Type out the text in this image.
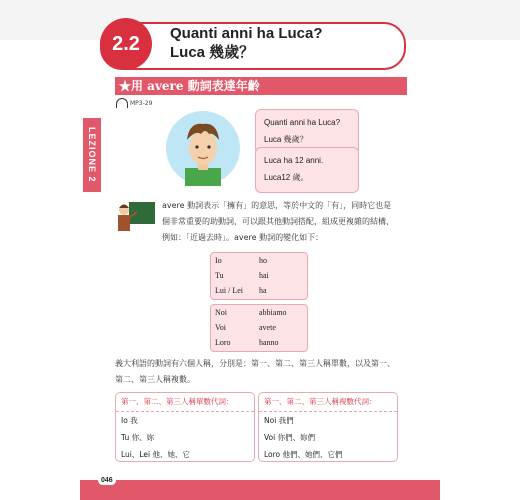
2.2	Quanti anni ha Luca?
Luca 幾歲？
★用 avere 動詞表達年齡
MP3-29
LEZIONE 2
Quanti anni ha Luca?
Luca 幾歲？
Luca ha 12 anni.
Luca12 歲。
avere 動詞表示「擁有」的意思，等於中文的「有」，同時它也是
個非常重要的助動詞，可以跟其他動詞搭配，組成更複雜的結構，
例如：「近過去時」。avere 動詞的變化如下：
Io	ho
Tu	hai
Lui / Lei	ha
Noi	abbiamo
Voi	avete
Loro	hanno
義大利語的動詞有六個人稱，分別是：第一、第二、第三人稱單數，以及第一、
第二、第三人稱複數。
第一、第二、第三人稱單數代詞：
Io 我
Tu 你、妳
Lui、Lei 他、她、它
第一、第二、第三人稱複數代詞：
Noi 我們
Voi 你們、妳們
Loro 他們、她們、它們
046
